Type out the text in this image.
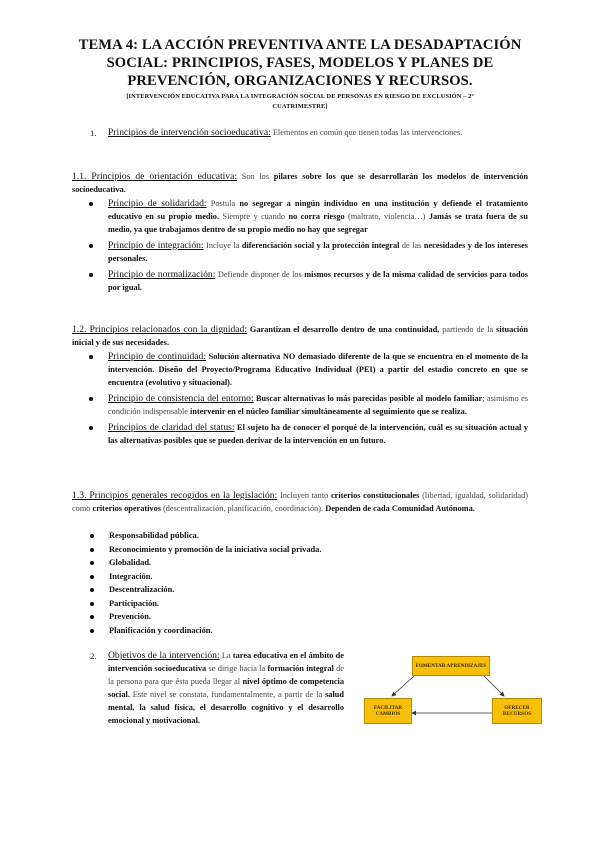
TEMA 4: LA ACCIÓN PREVENTIVA ANTE LA DESADAPTACIÓN
SOCIAL: PRINCIPIOS, FASES, MODELOS Y PLANES DE
PREVENCIÓN, ORGANIZACIONES Y RECURSOS.
[INTERVENCIÓN EDUCATIVA PARA LA INTEGRACIÓN SOCIAL DE PERSONAS EN RIESGO DE EXCLUSIÓN – 2º
CUATRIMESTRE]
1. Principios de intervención socioeducativa: Elementos en común que tienen todas las intervenciones.
1.1. Principios de orientación educativa: Son los pilares sobre los que se desarrollarán los modelos de intervención socioeducativa.
Principio de solidaridad: Postula no segregar a ningún individuo en una institución y defiende el tratamiento educativo en su propio medio. Siempre y cuando no corra riesgo (maltrato, violencia…) Jamás se trata fuera de su medio, ya que trabajamos dentro de su propio medio no hay que segregar
Principio de integración: Incluye la diferenciación social y la protección integral de las necesidades y de los intereses personales.
Principio de normalización: Defiende disponer de los mismos recursos y de la misma calidad de servicios para todos por igual.
1.2. Principios relacionados con la dignidad: Garantizan el desarrollo dentro de una continuidad, partiendo de la situación inicial y de sus necesidades.
Principio de continuidad: Solución alternativa NO demasiado diferente de la que se encuentra en el momento de la intervención. Diseño del Proyecto/Programa Educativo Individual (PEI) a partir del estadio concreto en que se encuentra (evolutivo y situacional).
Principio de consistencia del entorno: Buscar alternativas lo más parecidas posible al modelo familiar; asimismo es condición indispensable intervenir en el núcleo familiar simultáneamente al seguimiento que se realiza.
Principios de claridad del status: El sujeto ha de conocer el porqué de la intervención, cuál es su situación actual y las alternativas posibles que se pueden derivar de la intervención en un futuro.
1.3. Principios generales recogidos en la legislación: Incluyen tanto criterios constitucionales (libertad, igualdad, solidaridad) como criterios operativos (descentralización, planificación, coordinación). Dependen de cada Comunidad Autónoma.
Responsabilidad pública.
Reconocimiento y promoción de la iniciativa social privada.
Globalidad.
Integración.
Descentralización.
Participación.
Prevención.
Planificación y coordinación.
2. Objetivos de la intervención: La tarea educativa en el ámbito de intervención socioeducativa se dirige hacia la formación integral de la persona para que ésta pueda llegar al nivel óptimo de competencia social. Este nivel se constata, fundamentalmente, a partir de la salud mental, la salud física, el desarrollo cognitivo y el desarrollo emocional y motivacional.
FOMENTAR APRENDIZAJES
FACILITAR CAMBIOS
OFRECER RECURSOS
